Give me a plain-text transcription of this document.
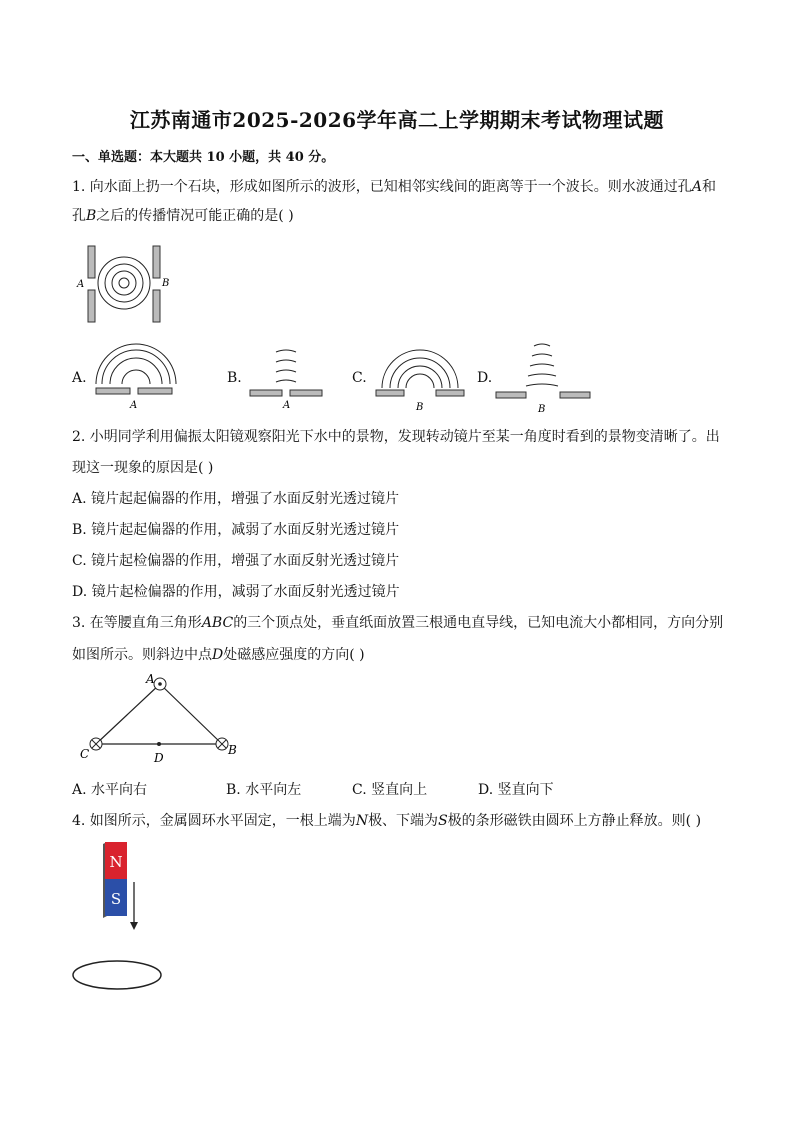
江苏南通市2025-2026学年高二上学期期末考试物理试题
一、单选题：本大题共 10 小题，共 40 分。
1. 向水面上扔一个石块，形成如图所示的波形，已知相邻实线间的距离等于一个波长。则水波通过孔A和
孔B之后的传播情况可能正确的是( )
A	B
A.
A
B.
A
C.
B
D.
B
2. 小明同学利用偏振太阳镜观察阳光下水中的景物，发现转动镜片至某一角度时看到的景物变清晰了。出
现这一现象的原因是( )
A. 镜片起起偏器的作用，增强了水面反射光透过镜片
B. 镜片起起偏器的作用，减弱了水面反射光透过镜片
C. 镜片起检偏器的作用，增强了水面反射光透过镜片
D. 镜片起检偏器的作用，减弱了水面反射光透过镜片
3. 在等腰直角三角形ABC的三个顶点处，垂直纸面放置三根通电直导线，已知电流大小都相同，方向分别
如图所示。则斜边中点D处磁感应强度的方向( )
A
B
C	D
A. 水平向右	B. 水平向左	C. 竖直向上	D. 竖直向下
4. 如图所示，金属圆环水平固定，一根上端为N极、下端为S极的条形磁铁由圆环上方静止释放。则( )
N
S
